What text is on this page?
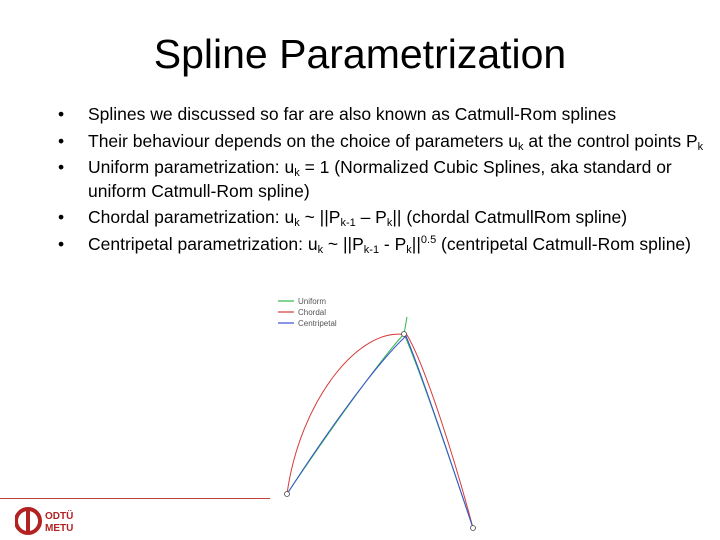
Spline Parametrization
•	Splines we discussed so far are also known as Catmull-Rom splines
•	Their behaviour depends on the choice of parameters $u_k$ at the control points $P_k$
•	Uniform parametrization: $u_k = 1$ (Normalized Cubic Splines, aka standard or uniform Catmull-Rom spline)
•	Chordal parametrization: $u_k$ ~ $||P_{k-1} - P_k||$ (chordal CatmullRom spline)
•	Centripetal parametrization: $u_k$ ~ $||P_{k-1} - P_k||^{0.5}$ (centripetal Catmull-Rom spline)
Uniform
Chordal
Centripetal
ODTÜ
METU
